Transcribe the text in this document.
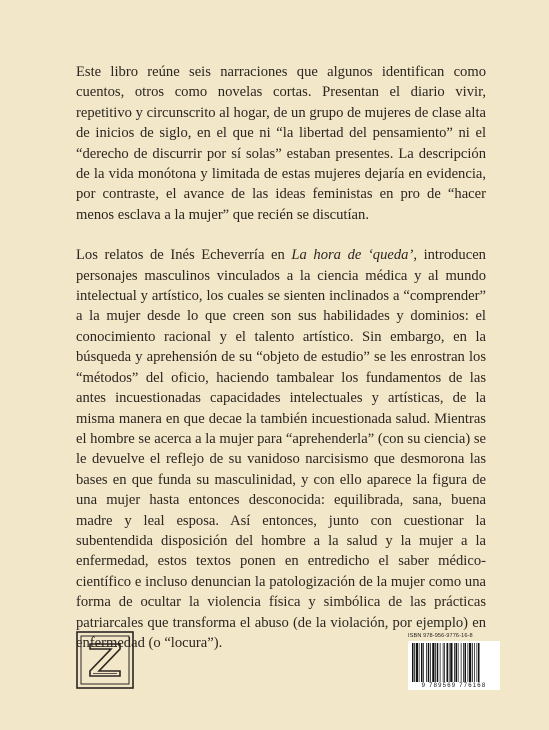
Este libro reúne seis narraciones que algunos identifican como cuentos, otros como novelas cortas. Presentan el diario vivir, repetitivo y circunscrito al hogar, de un grupo de mujeres de clase alta de inicios de siglo, en el que ni “la libertad del pensamiento” ni el “derecho de discurrir por sí solas” estaban presentes. La descripción de la vida monótona y limitada de estas mujeres dejaría en evidencia, por contraste, el avance de las ideas feministas en pro de “hacer menos esclava a la mujer” que recién se discutían.

Los relatos de Inés Echeverría en La hora de ‘queda’, introducen personajes masculinos vinculados a la ciencia médica y al mundo intelectual y artístico, los cuales se sienten inclinados a “comprender” a la mujer desde lo que creen son sus habilidades y dominios: el conocimiento racional y el talento artístico. Sin embargo, en la búsqueda y aprehensión de su “objeto de estudio” se les enrostran los “métodos” del oficio, haciendo tambalear los fundamentos de las antes incuestionadas capacidades intelectuales y artísticas, de la misma manera en que decae la también incuestionada salud. Mientras el hombre se acerca a la mujer para “aprehenderla” (con su ciencia) se le devuelve el reflejo de su vanidoso narcisismo que desmorona las bases en que funda su masculinidad, y con ello aparece la figura de una mujer hasta entonces desconocida: equilibrada, sana, buena madre y leal esposa. Así entonces, junto con cuestionar la subentendida disposición del hombre a la salud y la mujer a la enfermedad, estos textos ponen en entredicho el saber médico-científico e incluso denuncian la patologización de la mujer como una forma de ocultar la violencia física y simbólica de las prácticas patriarcales que transforma el abuso (de la violación, por ejemplo) en enfermedad (o “locura”).	ISBN 978-956-9776-16-8
9 789569 776168
